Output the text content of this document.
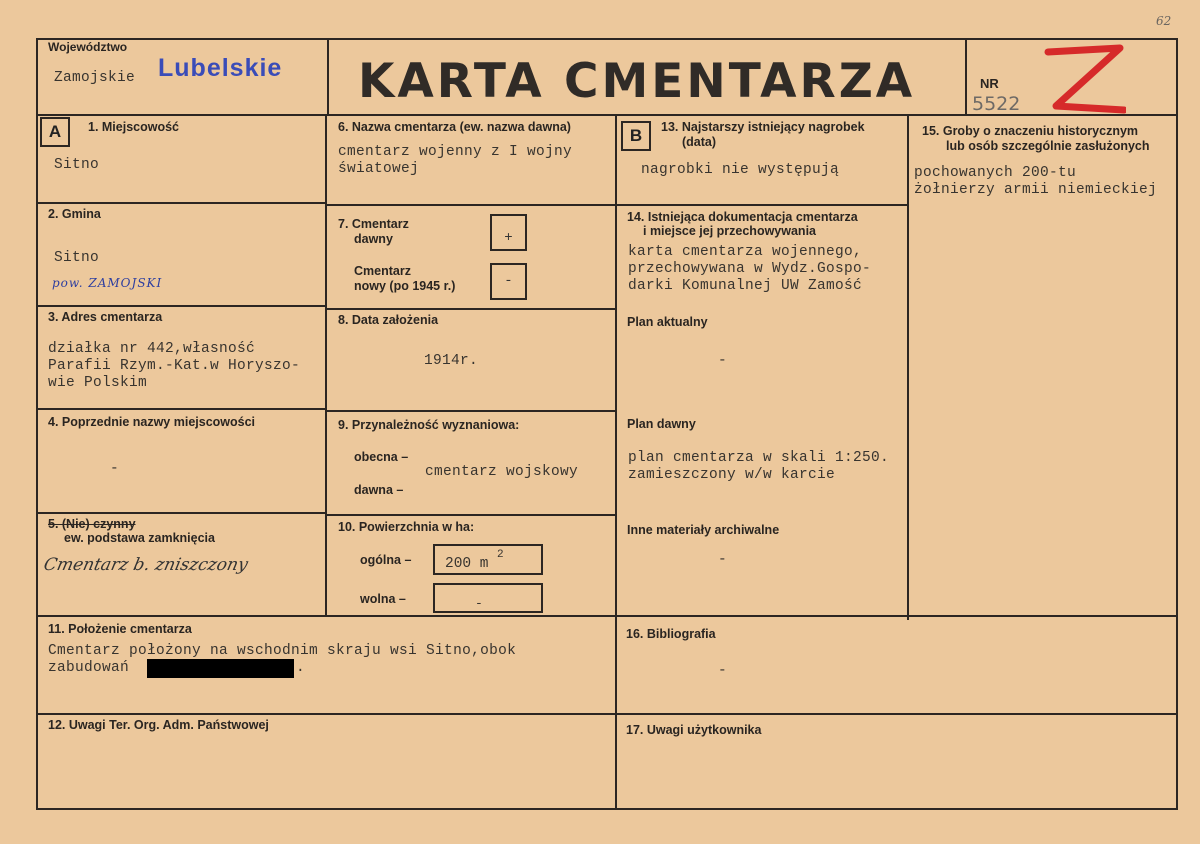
Województwo
Zamojskie Lubelskie KARTA CMENTARZA	NR
5522
62
A	1. Miejscowość
Sitno
2. Gmina
Sitno
pow. ZAMOJSKI
3. Adres cmentarza
działka nr 442,własność
Parafii Rzym.-Kat.w Horyszo-
wie Polskim
4. Poprzednie nazwy miejscowości
-
5. (Nie) czynny
ew. podstawa zamknięcia
Cmentarz b. zniszczony
6. Nazwa cmentarza (ew. nazwa dawna)
cmentarz wojenny z I wojny
światowej
7. Cmentarz
dawny	+
Cmentarz
nowy (po 1945 r.)	-
8. Data założenia
1914r.
9. Przynależność wyznaniowa:
obecna –
cmentarz wojskowy
dawna –
10. Powierzchnia w ha:
ogólna – 200 m
2
wolna –	-
B	13. Najstarszy istniejący nagrobek
(data)
nagrobki nie występują
14. Istniejąca dokumentacja cmentarza
i miejsce jej przechowywania
karta cmentarza wojennego,
przechowywana w Wydz.Gospo-
darki Komunalnej UW Zamość
Plan aktualny
-
Plan dawny
plan cmentarza w skali 1:250.
zamieszczony w/w karcie
Inne materiały archiwalne
-
15. Groby o znaczeniu historycznym
lub osób szczególnie zasłużonych
pochowanych 200-tu
żołnierzy armii niemieckiej
11. Położenie cmentarza
Cmentarz położony na wschodnim skraju wsi Sitno,obok
zabudowań	.
16. Bibliografia
-
12. Uwagi Ter. Org. Adm. Państwowej	17. Uwagi użytkownika
